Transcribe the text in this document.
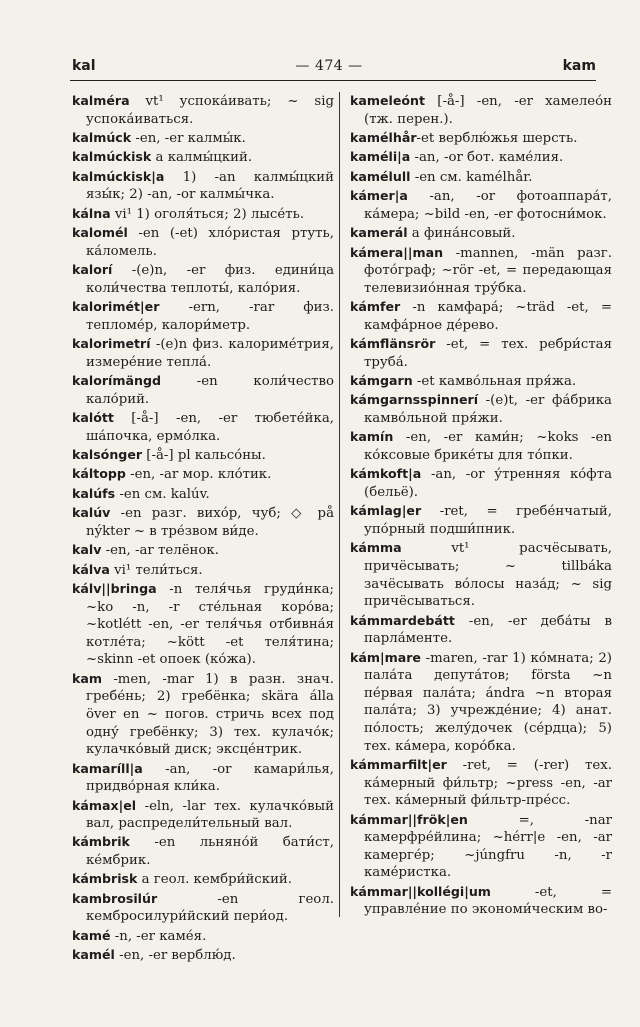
kal	— 474 —	kam

kalméra vt¹ успока́ивать; ~ sig успока́иваться.

kalmúck -en, -er калмы́к.

kalmúckisk a калмы́цкий.

kalmúckisk|a 1) -an калмы́цкий язы́к; 2) -an, -or калмы́чка.

kálna vi¹ 1) оголя́ться; 2) лысе́ть.

kalomél -en (-et) хло́ристая ртуть, ка́ломель.

kalorí -(e)n, -er физ. едини́ца коли́чества теплоты́, кало́рия.

kalorimét|er -ern, -rar физ. тепломе́р, калори́метр.

kalorimetrí -(e)n физ. калориме́трия, измере́ние тепла́.

kalorímängd -en коли́чество кало́рий.

kalótt [-å-] -en, -er тюбете́йка, ша́почка, ермо́лка.

kalsónger [-å-] pl кальсо́ны.

káltopp -en, -ar мор. кло́тик.

kalúfs -en см. kalúv.

kalúv -en разг. вихо́р, чуб; ◇ på nýkter ~ в тре́звом ви́де.

kalv -en, -ar телёнок.

kálva vi¹ тели́ться.

kálv||bringa -n теля́чья груди́нка; ~ko -n, -r сте́льная коро́ва; ~kotlétt -en, -er теля́чья отбивна́я котле́та; ~kött -et теля́тина; ~skinn -et опоек (ко́жа).

kam -men, -mar 1) в разн. знач. гребе́нь; 2) гребёнка; skära álla över en ~ погов. стричь всех под одну́ гребёнку; 3) тех. кулачо́к; кулачко́вый диск; эксце́нтрик.

kamaríll|a -an, -or камари́лья, придво́рная кли́ка.

kámax|el -eln, -lar тех. кулачко́вый вал, распредели́тельный вал.

kámbrik -en льняно́й бати́ст, ке́мбрик.

kámbrisk a геол. кембри́йский.

kambrosilúr -en геол. кембросилури́йский пери́од.

kamé -n, -er каме́я.

kamél -en, -er верблю́д.

kameleónt [-å-] -en, -er хамелео́н (тж. перен.).

kamélhår-et верблю́жья шерсть.

kaméli|a -an, -or бот. каме́лия.

kamélull -en см. kamélhår.

kámer|a -an, -or фотоаппара́т, ка́мера; ~bild -en, -er фотосни́мок.

kamerál a фина́нсовый.

kámera||man -mannen, -män разг. фото́граф; ~rör -et, = передающая телевизио́нная тру́бка.

kámfer -n камфара́; ~träd -et, = камфа́рное де́рево.

kámflänsrör -et, = тех. ребри́стая труба́.

kámgarn -et камво́льная пря́жа.

kámgarnsspinnerí -(e)t, -er фа́брика камво́льной пря́жи.

kamín -en, -er ками́н; ~koks -en ко́ксовые брике́ты для то́пки.

kámkoft|a -an, -or у́тренняя ко́фта (бельё).

kámlag|er -ret, = гребе́нчатый, упо́рный подши́пник.

kámma vt¹ расчёсывать, причёсывать; ~ tillbáka зачёсывать во́лосы наза́д; ~ sig причёсываться.

kámmardebátt -en, -er деба́ты в парла́менте.

kám|mare -maren, -rar 1) ко́мната; 2) пала́та депута́тов; första ~n пе́рвая пала́та; ándra ~n вторая пала́та; 3) учрежде́ние; 4) анат. по́лость; желу́дочек (се́рдца); 5) тех. ка́мера, коро́бка.

kámmarfilt|er -ret, = (-rer) тех. ка́мерный фи́льтр; ~press -en, -ar тех. ка́мерный фи́льтр-пре́сс.

kámmar||frök|en =, -nar камерфре́йлина; ~hérr|e -en, -ar камерге́р; ~júngfru -n, -r каме́ристка.

kámmar||kollégi|um -et, = управле́ние по экономи́ческим во-
